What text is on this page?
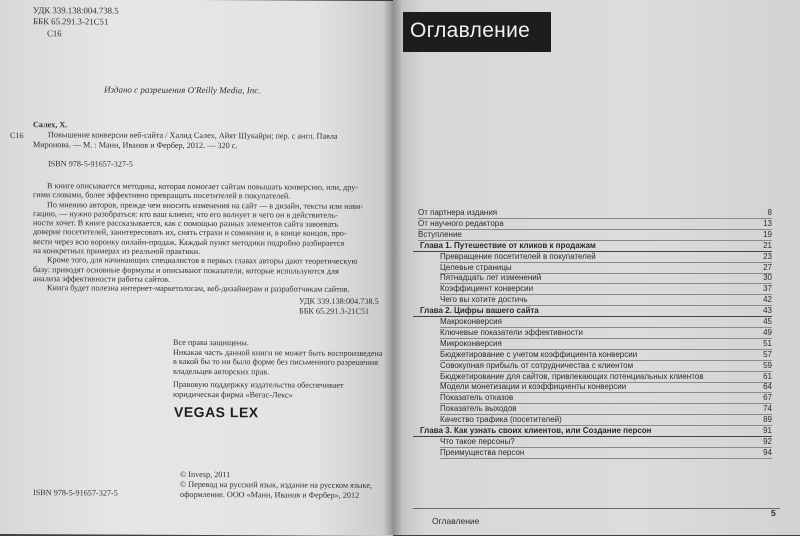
УДК 339.138:004.738.5
ББК 65.291.3-21С51
С16
Издано с разрешения O'Reilly Media, Inc.
С16
Салех, Х.
Повышение конверсии веб-сайта / Халид Салех, Айят Шукайри; пер. с англ. Павла
Миронова. — М. : Манн, Иванов и Фербер, 2012. — 320 с.
ISBN 978-5-91657-327-5

В книге описывается методика, которая помогает сайтам повышать конверсию, или, дру-

гими словами, более эффективно превращать посетителей в покупателей.

По мнению авторов, прежде чем вносить изменения на сайт — в дизайн, тексты или нави-

гацию, — нужно разобраться: кто ваш клиент, что его волнует и чего он в действитель-

ности хочет. В книге рассказывается, как с помощью разных элементов сайта завоевать

доверие посетителей, заинтересовать их, снять страхи и сомнения и, в конце концов, про-

вести через всю воронку онлайн-продаж. Каждый пункт методики подробно разбирается

на конкретных примерах из реальной практики.

Кроме того, для начинающих специалистов в первых главах авторы дают теоретическую

базу: приводят основные формулы и описывают показатели, которые используются для

анализа эффективности работы сайтов.

Книга будет полезна интернет-маркетологам, веб-дизайнерам и разработчикам сайтов.

УДК 339.138:004.738.5
ББК 65.291.3-21С51

Все права защищены.

Никакая часть данной книги не может быть воспроизведена

в какой бы то ни было форме без письменного разрешения

владельцев авторских прав.

Правовую поддержку издательства обеспечивает

юридическая фирма «Вегас-Лекс»

VEGAS LEX
ISBN 978-5-91657-327-5
© Invesp, 2011
© Перевод на русский язык, издание на русском языке,
оформление. ООО «Манн, Иванов и Фербер», 2012
Оглавление
От партнера издания	8
От научного редактора	13
Вступление	19
Глава 1. Путешествие от кликов к продажам	21
Превращение посетителей в покупателей	23
Целевые страницы	27
Пятнадцать лет изменений	30
Коэффициент конверсии	37
Чего вы хотите достичь	42
Глава 2. Цифры вашего сайта	43
Макроконверсия	45
Ключевые показатели эффективности	49
Микроконверсия	51
Бюджетирование с учетом коэффициента конверсии	57
Совокупная прибыль от сотрудничества с клиентом	59
Бюджетирование для сайтов, привлекающих потенциальных клиентов	61
Модели монетизации и коэффициенты конверсии	64
Показатель отказов	67
Показатель выходов	74
Качество трафика (посетителей)	89
Глава 3. Как узнать своих клиентов, или Создание персон	91
Что такое персоны?	92
Преимущества персон	94
Оглавление
5
